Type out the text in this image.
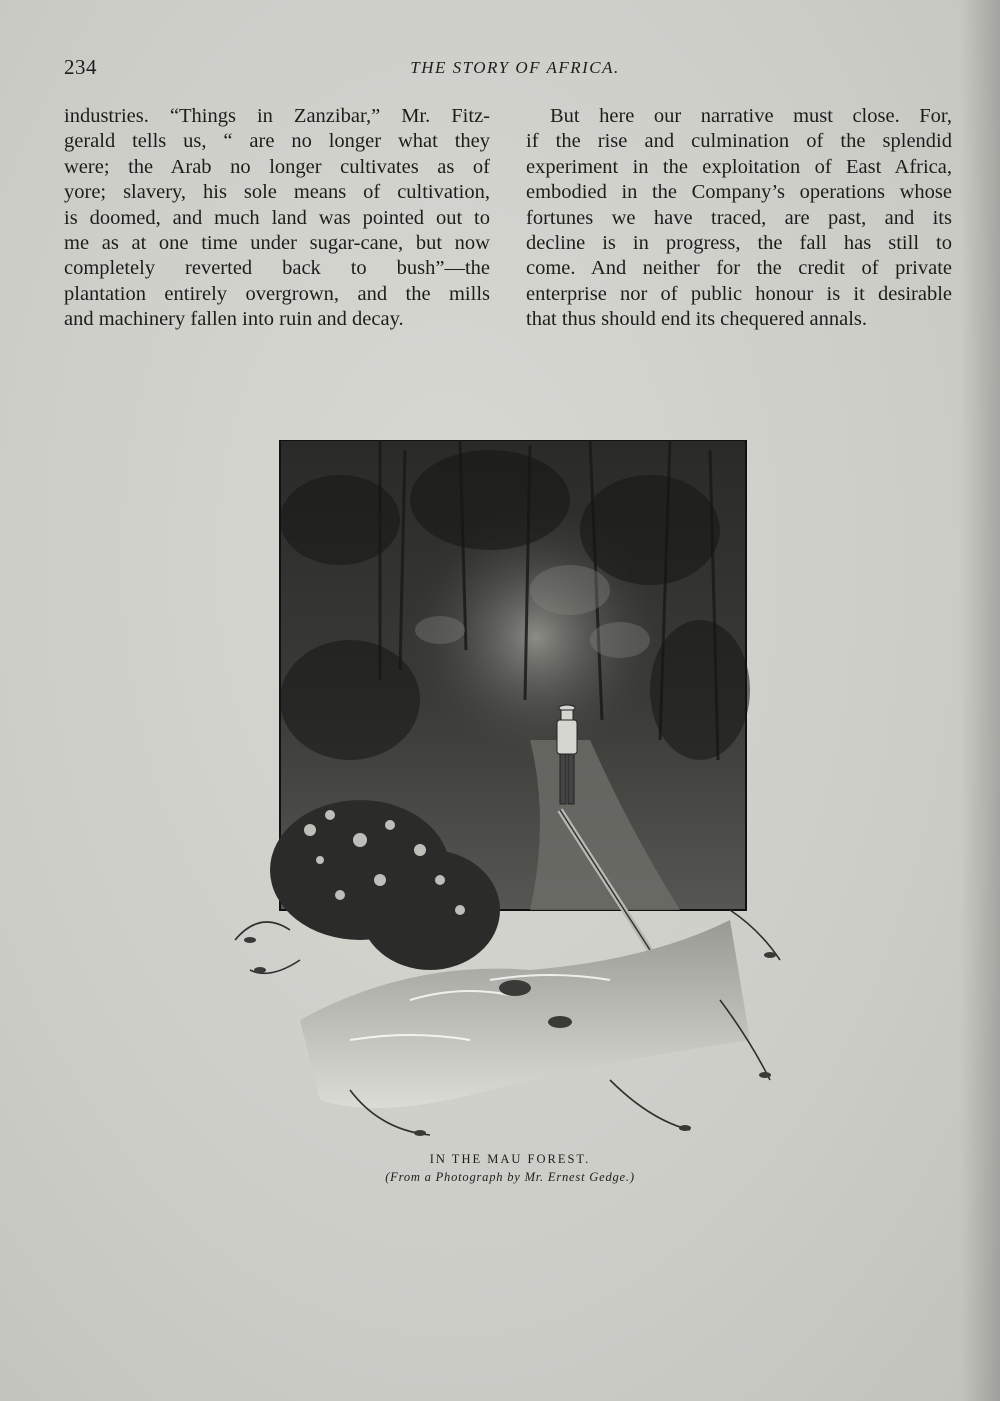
234	THE STORY OF AFRICA.
industries. “Things in Zanzibar,” Mr. Fitz-
gerald tells us, “ are no longer what they
were; the Arab no longer cultivates as of
yore; slavery, his sole means of cultivation,
is doomed, and much land was pointed out to
me as at one time under sugar-cane, but now
completely reverted back to bush”—the
plantation entirely overgrown, and the mills
and machinery fallen into ruin and decay.
But here our narrative must close. For,
if the rise and culmination of the splendid
experiment in the exploitation of East Africa,
embodied in the Company’s operations whose
fortunes we have traced, are past, and its
decline is in progress, the fall has still to
come. And neither for the credit of private
enterprise nor of public honour is it desirable
that thus should end its chequered annals.
IN THE MAU FOREST.
(From a Photograph by Mr. Ernest Gedge.)
